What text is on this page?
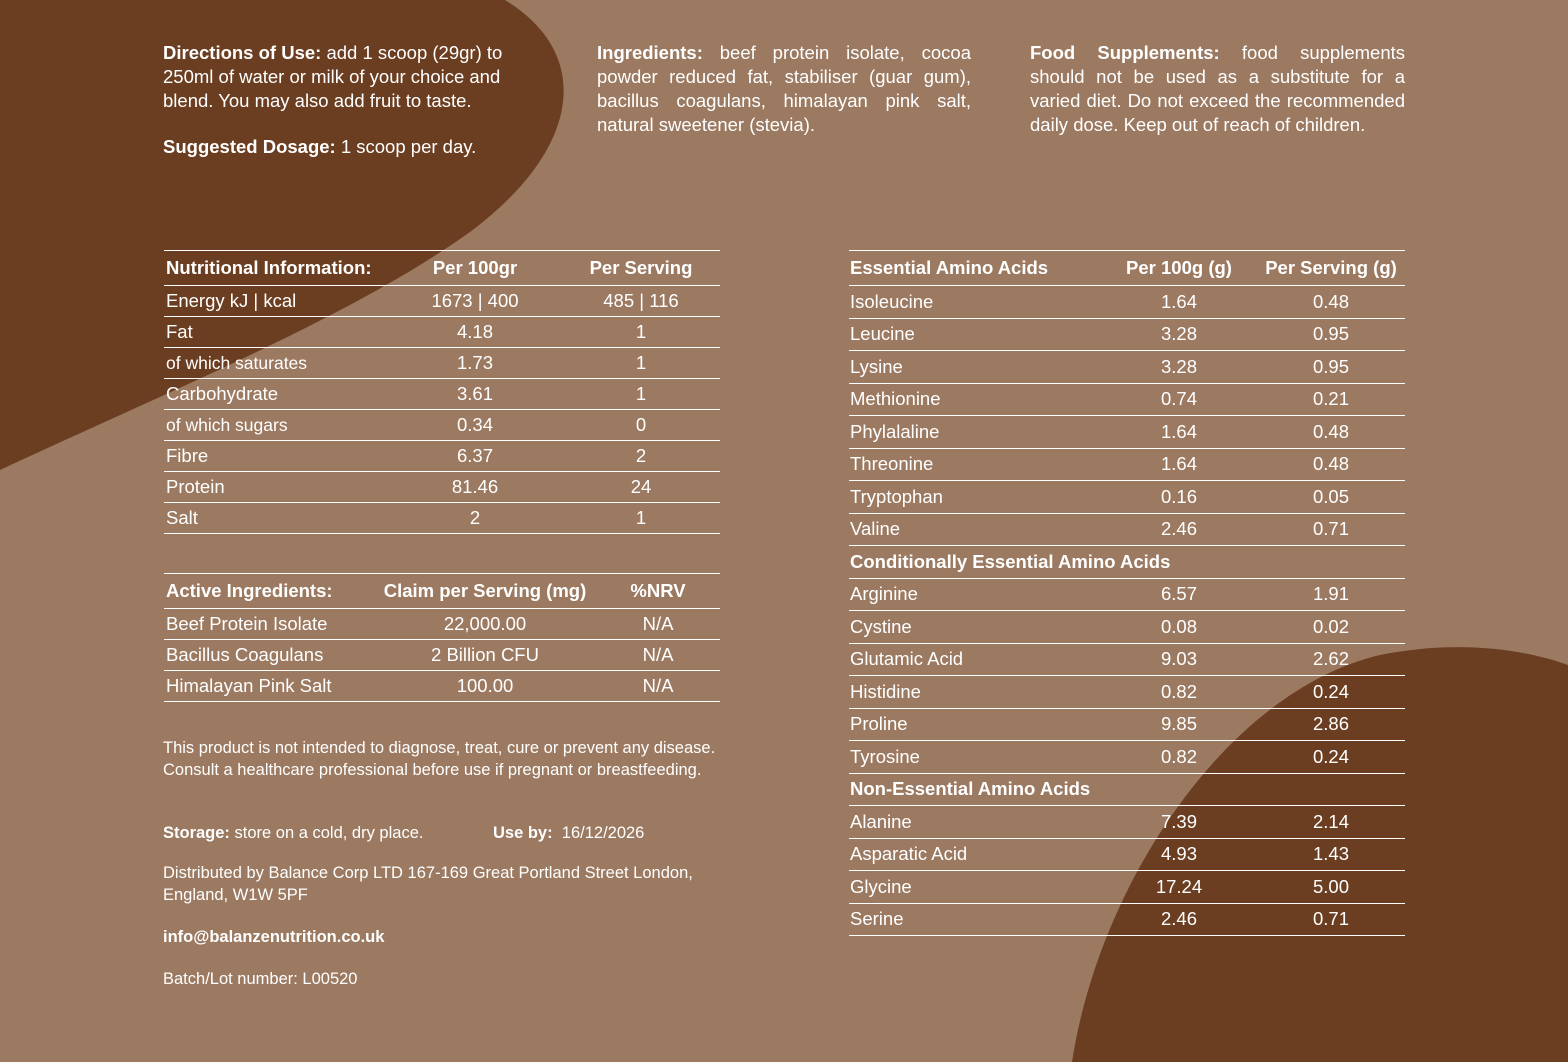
Directions of Use: add 1 scoop (29gr) to 250ml of water or milk of your choice and blend. You may also add fruit to taste.

Suggested Dosage: 1 scoop per day.

Ingredients: beef protein isolate, cocoa powder reduced fat, stabiliser (guar gum), bacillus coagulans, himalayan pink salt, natural sweetener (stevia).

Food Supplements: food supplements should not be used as a substitute for a varied diet. Do not exceed the recommended daily dose. Keep out of reach of children.

Nutritional Information:	Per 100gr	Per Serving
Energy kJ | kcal	1673 | 400	485 | 116
Fat	4.18	1
of which saturates	1.73	1
Carbohydrate	3.61	1
of which sugars	0.34	0
Fibre	6.37	2
Protein	81.46	24
Salt	2	1
Active Ingredients:	Claim per Serving (mg)	%NRV
Beef Protein Isolate	22,000.00	N/A
Bacillus Coagulans	2 Billion CFU	N/A
Himalayan Pink Salt	100.00	N/A
This product is not intended to diagnose, treat, cure or prevent any disease. Consult a healthcare professional before use if pregnant or breastfeeding.
Storage: store on a cold, dry place.	Use by:  16/12/2026
Distributed by Balance Corp LTD 167-169 Great Portland Street London, England, W1W 5PF
info@balanzenutrition.co.uk
Batch/Lot number: L00520
Essential Amino Acids	Per 100g (g)	Per Serving (g)
Isoleucine	1.64	0.48
Leucine	3.28	0.95
Lysine	3.28	0.95
Methionine	0.74	0.21
Phylalaline	1.64	0.48
Threonine	1.64	0.48
Tryptophan	0.16	0.05
Valine	2.46	0.71
Conditionally Essential Amino Acids		
Arginine	6.57	1.91
Cystine	0.08	0.02
Glutamic Acid	9.03	2.62
Histidine	0.82	0.24
Proline	9.85	2.86
Tyrosine	0.82	0.24
Non-Essential Amino Acids		
Alanine	7.39	2.14
Asparatic Acid	4.93	1.43
Glycine	17.24	5.00
Serine	2.46	0.71
